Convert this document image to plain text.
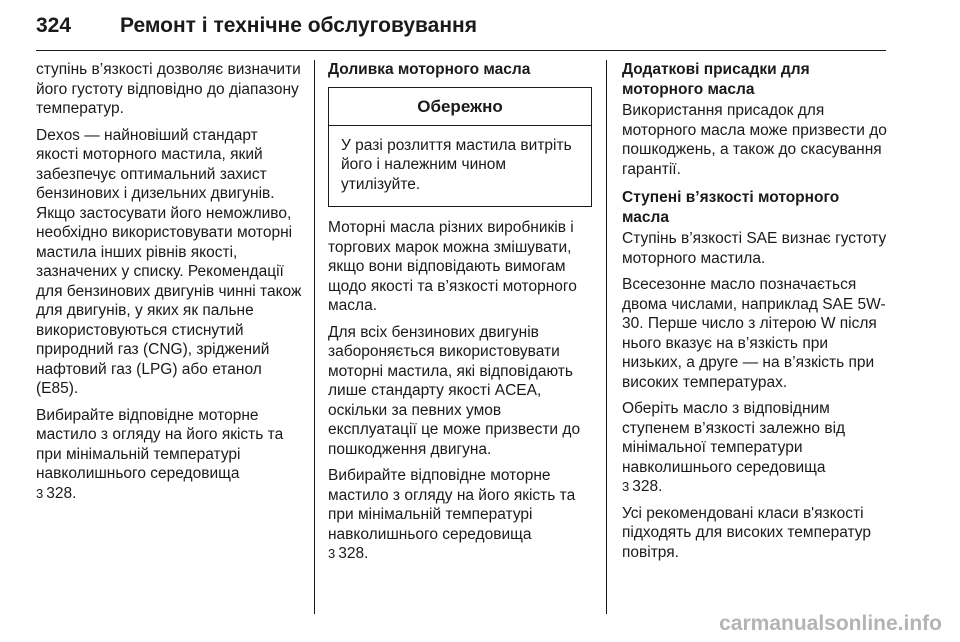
324 Ремонт і технічне обслуговування

ступінь в’язкості дозволяє визначити його густоту відповідно до діапазону температур.

Dexos — найновіший стандарт якості моторного мастила, який забезпечує оптимальний захист бензинових і дизельних двигунів. Якщо застосувати його неможливо, необхідно використовувати моторні мастила інших рівнів якості, зазначених у списку. Рекомендації для бензинових двигунів чинні також для двигунів, у яких як пальне використовуються стиснутий природний газ (CNG), зріджений нафтовий газ (LPG) або етанол (E85).

Вибирайте відповідне моторне мастило з огляду на його якість та при мінімальній температурі навколишнього середовища

3 328.

Доливка моторного масла
Обережно
У разі розлиття мастила витріть його і належним чином утилізуйте.

Моторні масла різних виробників і торгових марок можна змішувати, якщо вони відповідають вимогам щодо якості та в’язкості моторного масла.

Для всіх бензинових двигунів забороняється використовувати моторні мастила, які відповідають лише стандарту якості ACEA, оскільки за певних умов експлуатації це може призвести до пошкодження двигуна.

Вибирайте відповідне моторне мастило з огляду на його якість та при мінімальній температурі навколишнього середовища

3 328.

Додаткові присадки для моторного масла

Використання присадок для моторного масла може призвести до пошкоджень, а також до скасування гарантії.

Ступені в’язкості моторного масла

Ступінь в’язкості SAE визнає густоту моторного мастила.

Всесезонне масло позначається двома числами, наприклад SAE 5W-30. Перше число з літерою W після нього вказує на в’язкість при низьких, а друге — на в’язкість при високих температурах.

Оберіть масло з відповідним ступенем в’язкості залежно від мінімальної температури навколишнього середовища

3 328.

Усі рекомендовані класи в'язкості підходять для високих температур повітря.

carmanualsonline.info
